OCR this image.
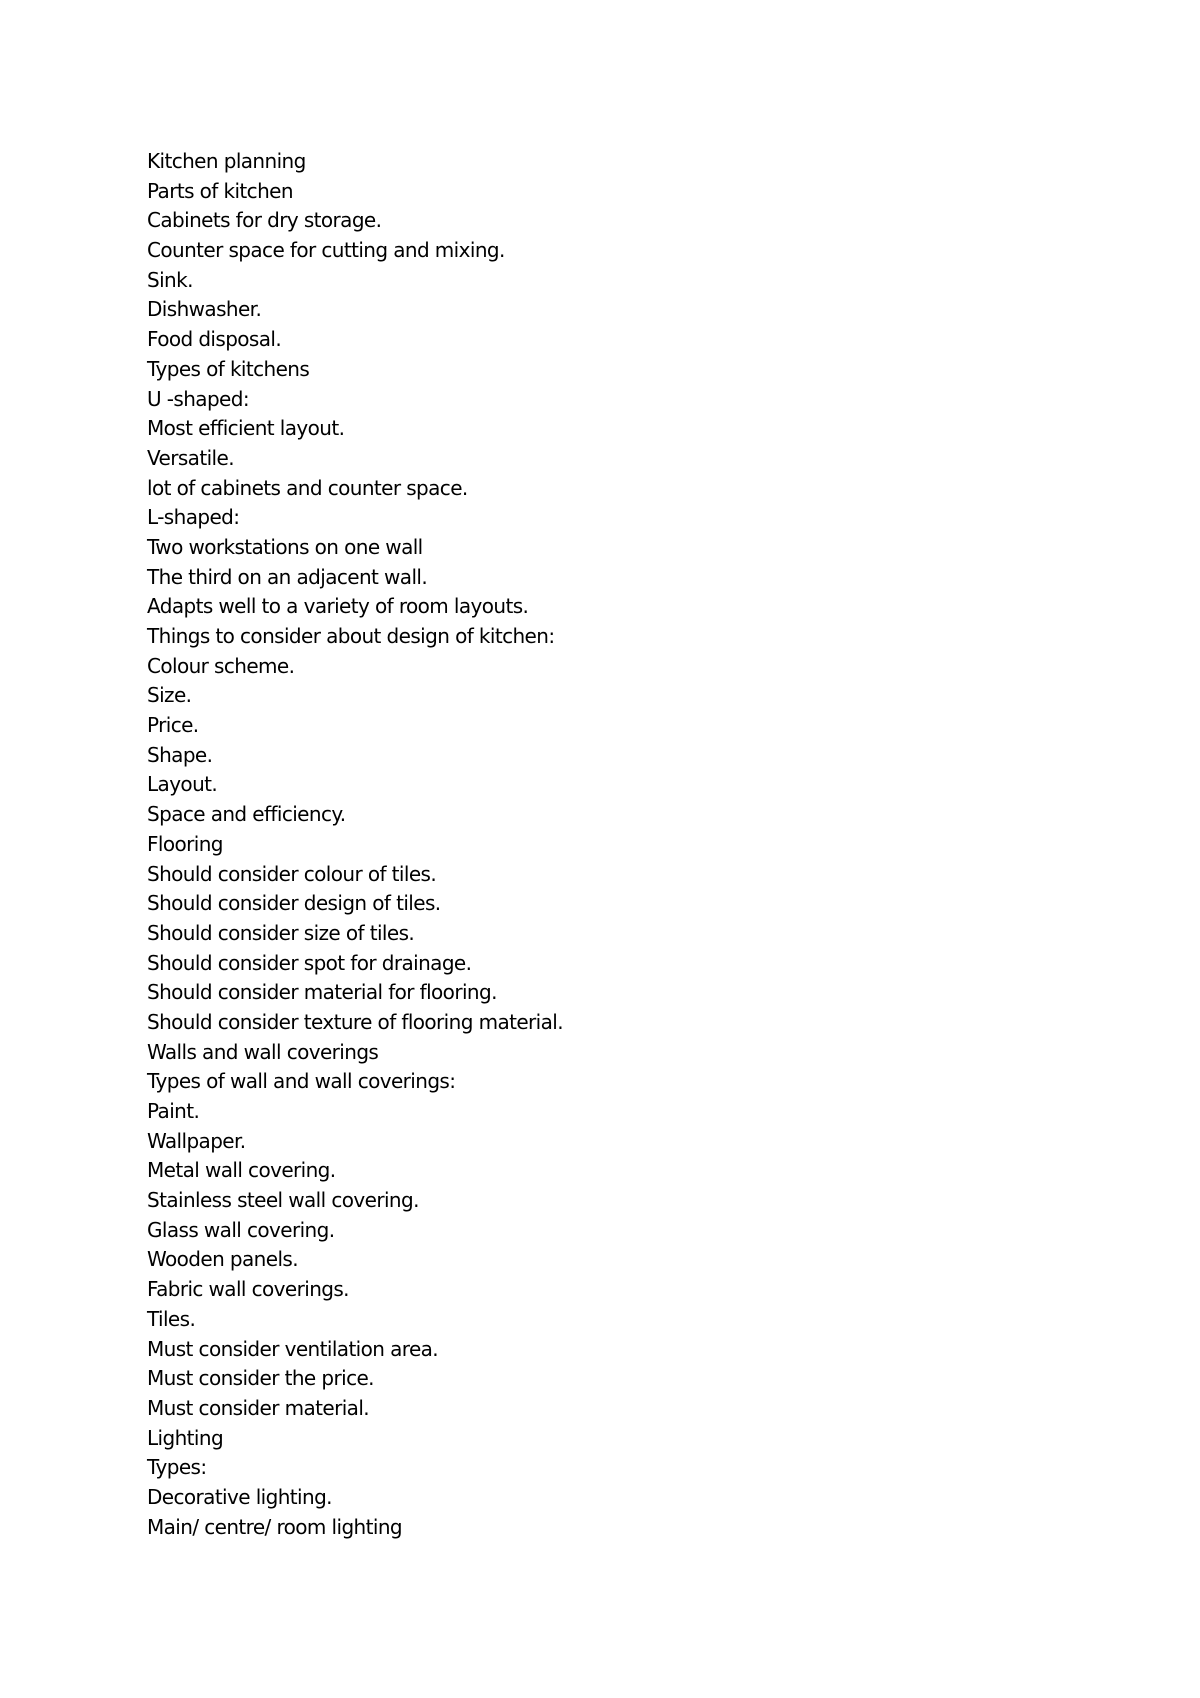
Kitchen planning
Parts of kitchen
Cabinets for dry storage.
Counter space for cutting and mixing.
Sink.
Dishwasher.
Food disposal.
Types of kitchens
U -shaped:
Most efficient layout.
Versatile.
lot of cabinets and counter space.
L-shaped:
Two workstations on one wall
The third on an adjacent wall.
Adapts well to a variety of room layouts.
Things to consider about design of kitchen:
Colour scheme.
Size.
Price.
Shape.
Layout.
Space and efficiency.
Flooring
Should consider colour of tiles.
Should consider design of tiles.
Should consider size of tiles.
Should consider spot for drainage.
Should consider material for flooring.
Should consider texture of flooring material.
Walls and wall coverings
Types of wall and wall coverings:
Paint.
Wallpaper.
Metal wall covering.
Stainless steel wall covering.
Glass wall covering.
Wooden panels.
Fabric wall coverings.
Tiles.
Must consider ventilation area.
Must consider the price.
Must consider material.
Lighting
Types:
Decorative lighting.
Main/ centre/ room lighting
